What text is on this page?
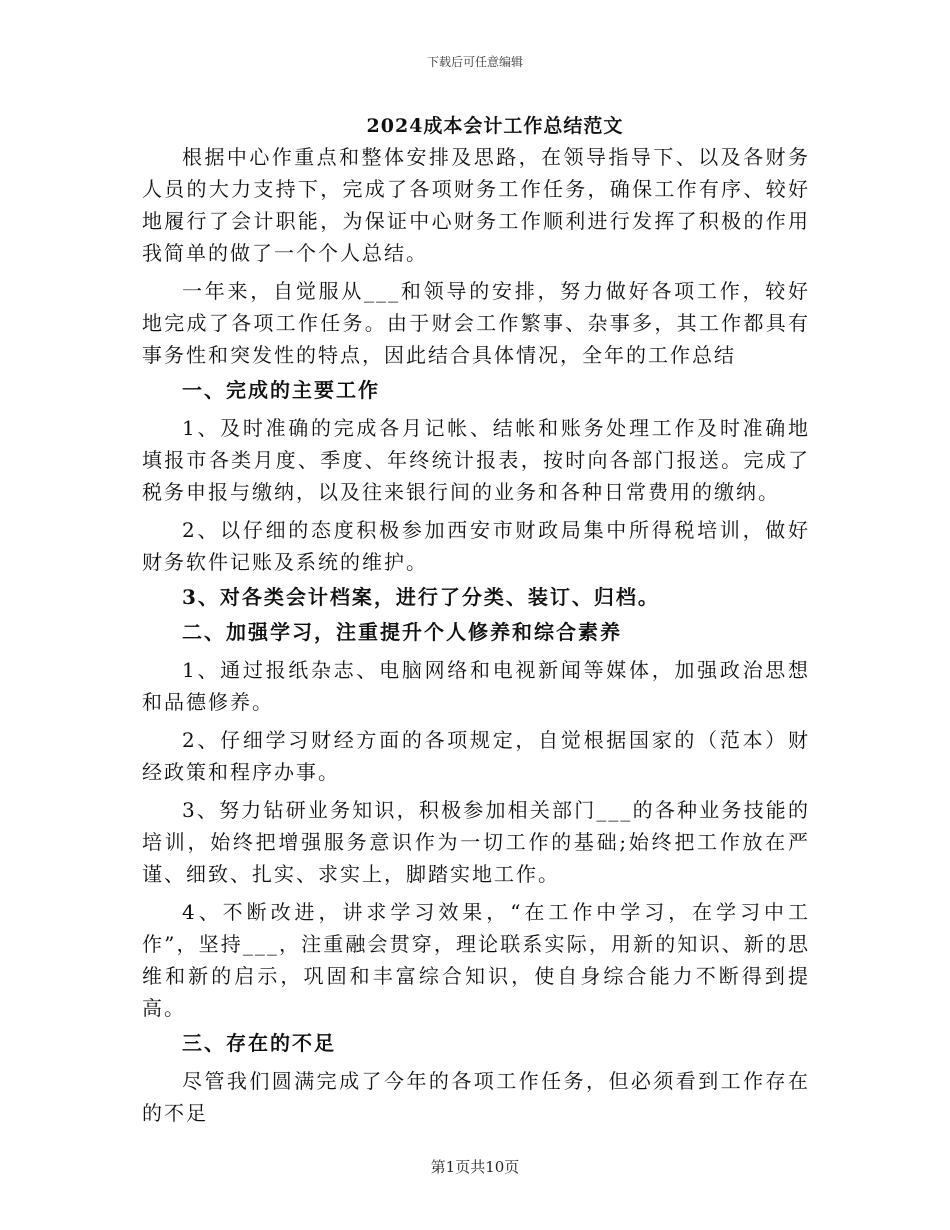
下载后可任意编辑
2024成本会计工作总结范文

根据中心作重点和整体安排及思路，在领导指导下、以及各财务人员的大力支持下，完成了各项财务工作任务，确保工作有序、较好地履行了会计职能，为保证中心财务工作顺利进行发挥了积极的作用我简单的做了一个个人总结。

一年来，自觉服从___和领导的安排，努力做好各项工作，较好地完成了各项工作任务。由于财会工作繁事、杂事多，其工作都具有事务性和突发性的特点，因此结合具体情况，全年的工作总结

一、完成的主要工作

1、及时准确的完成各月记帐、结帐和账务处理工作及时准确地填报市各类月度、季度、年终统计报表，按时向各部门报送。完成了税务申报与缴纳，以及往来银行间的业务和各种日常费用的缴纳。

2、以仔细的态度积极参加西安市财政局集中所得税培训，做好财务软件记账及系统的维护。

3、对各类会计档案，进行了分类、装订、归档。

二、加强学习，注重提升个人修养和综合素养

1、通过报纸杂志、电脑网络和电视新闻等媒体，加强政治思想和品德修养。

2、仔细学习财经方面的各项规定，自觉根据国家的（范本）财经政策和程序办事。

3、努力钻研业务知识，积极参加相关部门___的各种业务技能的培训，始终把增强服务意识作为一切工作的基础;始终把工作放在严谨、细致、扎实、求实上，脚踏实地工作。

4、不断改进，讲求学习效果，“在工作中学习，在学习中工作”，坚持___，注重融会贯穿，理论联系实际，用新的知识、新的思维和新的启示，巩固和丰富综合知识，使自身综合能力不断得到提高。

三、存在的不足

尽管我们圆满完成了今年的各项工作任务，但必须看到工作存在的不足

第1页共10页
